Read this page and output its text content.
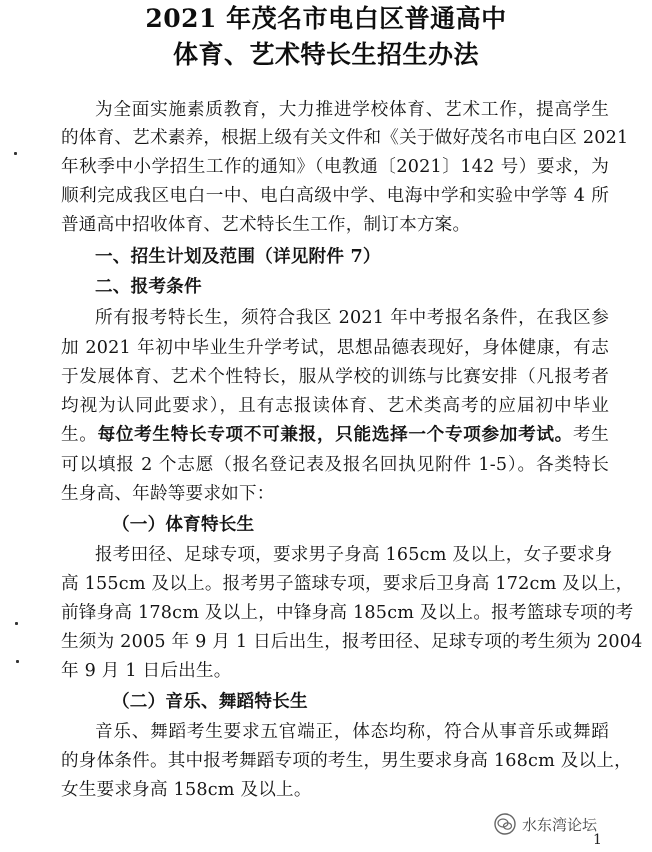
2021 年茂名市电白区普通高中
体育、艺术特长生招生办法
为全面实施素质教育，大力推进学校体育、艺术工作，提高学生
的体育、艺术素养，根据上级有关文件和《关于做好茂名市电白区 2021
年秋季中小学招生工作的通知》（电教通〔2021〕142 号）要求，为
顺利完成我区电白一中、电白高级中学、电海中学和实验中学等 4 所
普通高中招收体育、艺术特长生工作，制订本方案。
一、招生计划及范围（详见附件 7）
二、报考条件
所有报考特长生，须符合我区 2021 年中考报名条件，在我区参
加 2021 年初中毕业生升学考试，思想品德表现好，身体健康，有志
于发展体育、艺术个性特长，服从学校的训练与比赛安排（凡报考者
均视为认同此要求），且有志报读体育、艺术类高考的应届初中毕业
生。每位考生特长专项不可兼报，只能选择一个专项参加考试。考生
可以填报 2 个志愿（报名登记表及报名回执见附件 1-5）。各类特长
生身高、年龄等要求如下：
（一）体育特长生
报考田径、足球专项，要求男子身高 165cm 及以上，女子要求身
高 155cm 及以上。报考男子篮球专项，要求后卫身高 172cm 及以上，
前锋身高 178cm 及以上，中锋身高 185cm 及以上。报考篮球专项的考
生须为 2005 年 9 月 1 日后出生，报考田径、足球专项的考生须为 2004
年 9 月 1 日后出生。
（二）音乐、舞蹈特长生
音乐、舞蹈考生要求五官端正，体态均称，符合从事音乐或舞蹈
的身体条件。其中报考舞蹈专项的考生，男生要求身高 168cm 及以上，
女生要求身高 158cm 及以上。
水东湾论坛
1
